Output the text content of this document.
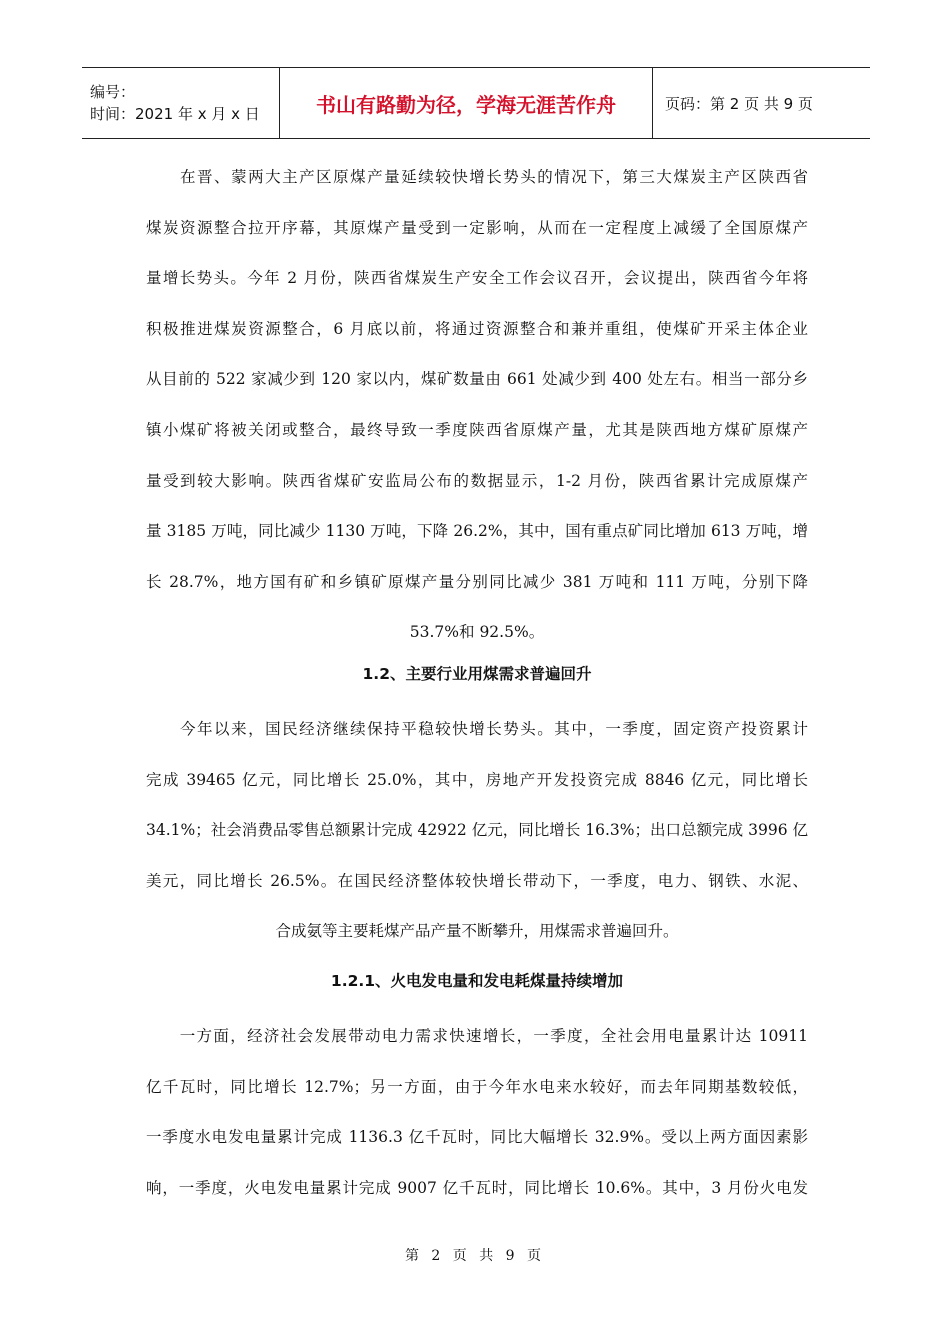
编号：
时间：2021 年 x 月 x 日	书山有路勤为径，学海无涯苦作舟	页码：第 2 页 共 9 页
　　在晋、蒙两大主产区原煤产量延续较快增长势头的情况下，第三大煤炭主产区陕西省
煤炭资源整合拉开序幕，其原煤产量受到一定影响，从而在一定程度上减缓了全国原煤产
量增长势头。今年 2 月份，陕西省煤炭生产安全工作会议召开，会议提出，陕西省今年将
积极推进煤炭资源整合，6 月底以前，将通过资源整合和兼并重组，使煤矿开采主体企业
从目前的 522 家减少到 120 家以内，煤矿数量由 661 处减少到 400 处左右。相当一部分乡
镇小煤矿将被关闭或整合，最终导致一季度陕西省原煤产量，尤其是陕西地方煤矿原煤产
量受到较大影响。陕西省煤矿安监局公布的数据显示，1-2 月份，陕西省累计完成原煤产
量 3185 万吨，同比减少 1130 万吨，下降 26.2%，其中，国有重点矿同比增加 613 万吨，增
长 28.7%，地方国有矿和乡镇矿原煤产量分别同比减少 381 万吨和 111 万吨，分别下降
53.7%和 92.5%。

1.2、主要行业用煤需求普遍回升

　　今年以来，国民经济继续保持平稳较快增长势头。其中，一季度，固定资产投资累计
完成 39465 亿元，同比增长 25.0%，其中，房地产开发投资完成 8846 亿元，同比增长
34.1%；社会消费品零售总额累计完成 42922 亿元，同比增长 16.3%；出口总额完成 3996 亿
美元，同比增长 26.5%。在国民经济整体较快增长带动下，一季度，电力、钢铁、水泥、
合成氨等主要耗煤产品产量不断攀升，用煤需求普遍回升。

1.2.1、火电发电量和发电耗煤量持续增加

　　一方面，经济社会发展带动电力需求快速增长，一季度，全社会用电量累计达 10911
亿千瓦时，同比增长 12.7%；另一方面，由于今年水电来水较好，而去年同期基数较低，
一季度水电发电量累计完成 1136.3 亿千瓦时，同比大幅增长 32.9%。受以上两方面因素影
响，一季度，火电发电量累计完成 9007 亿千瓦时，同比增长 10.6%。其中，3 月份火电发
第 2 页 共 9 页
